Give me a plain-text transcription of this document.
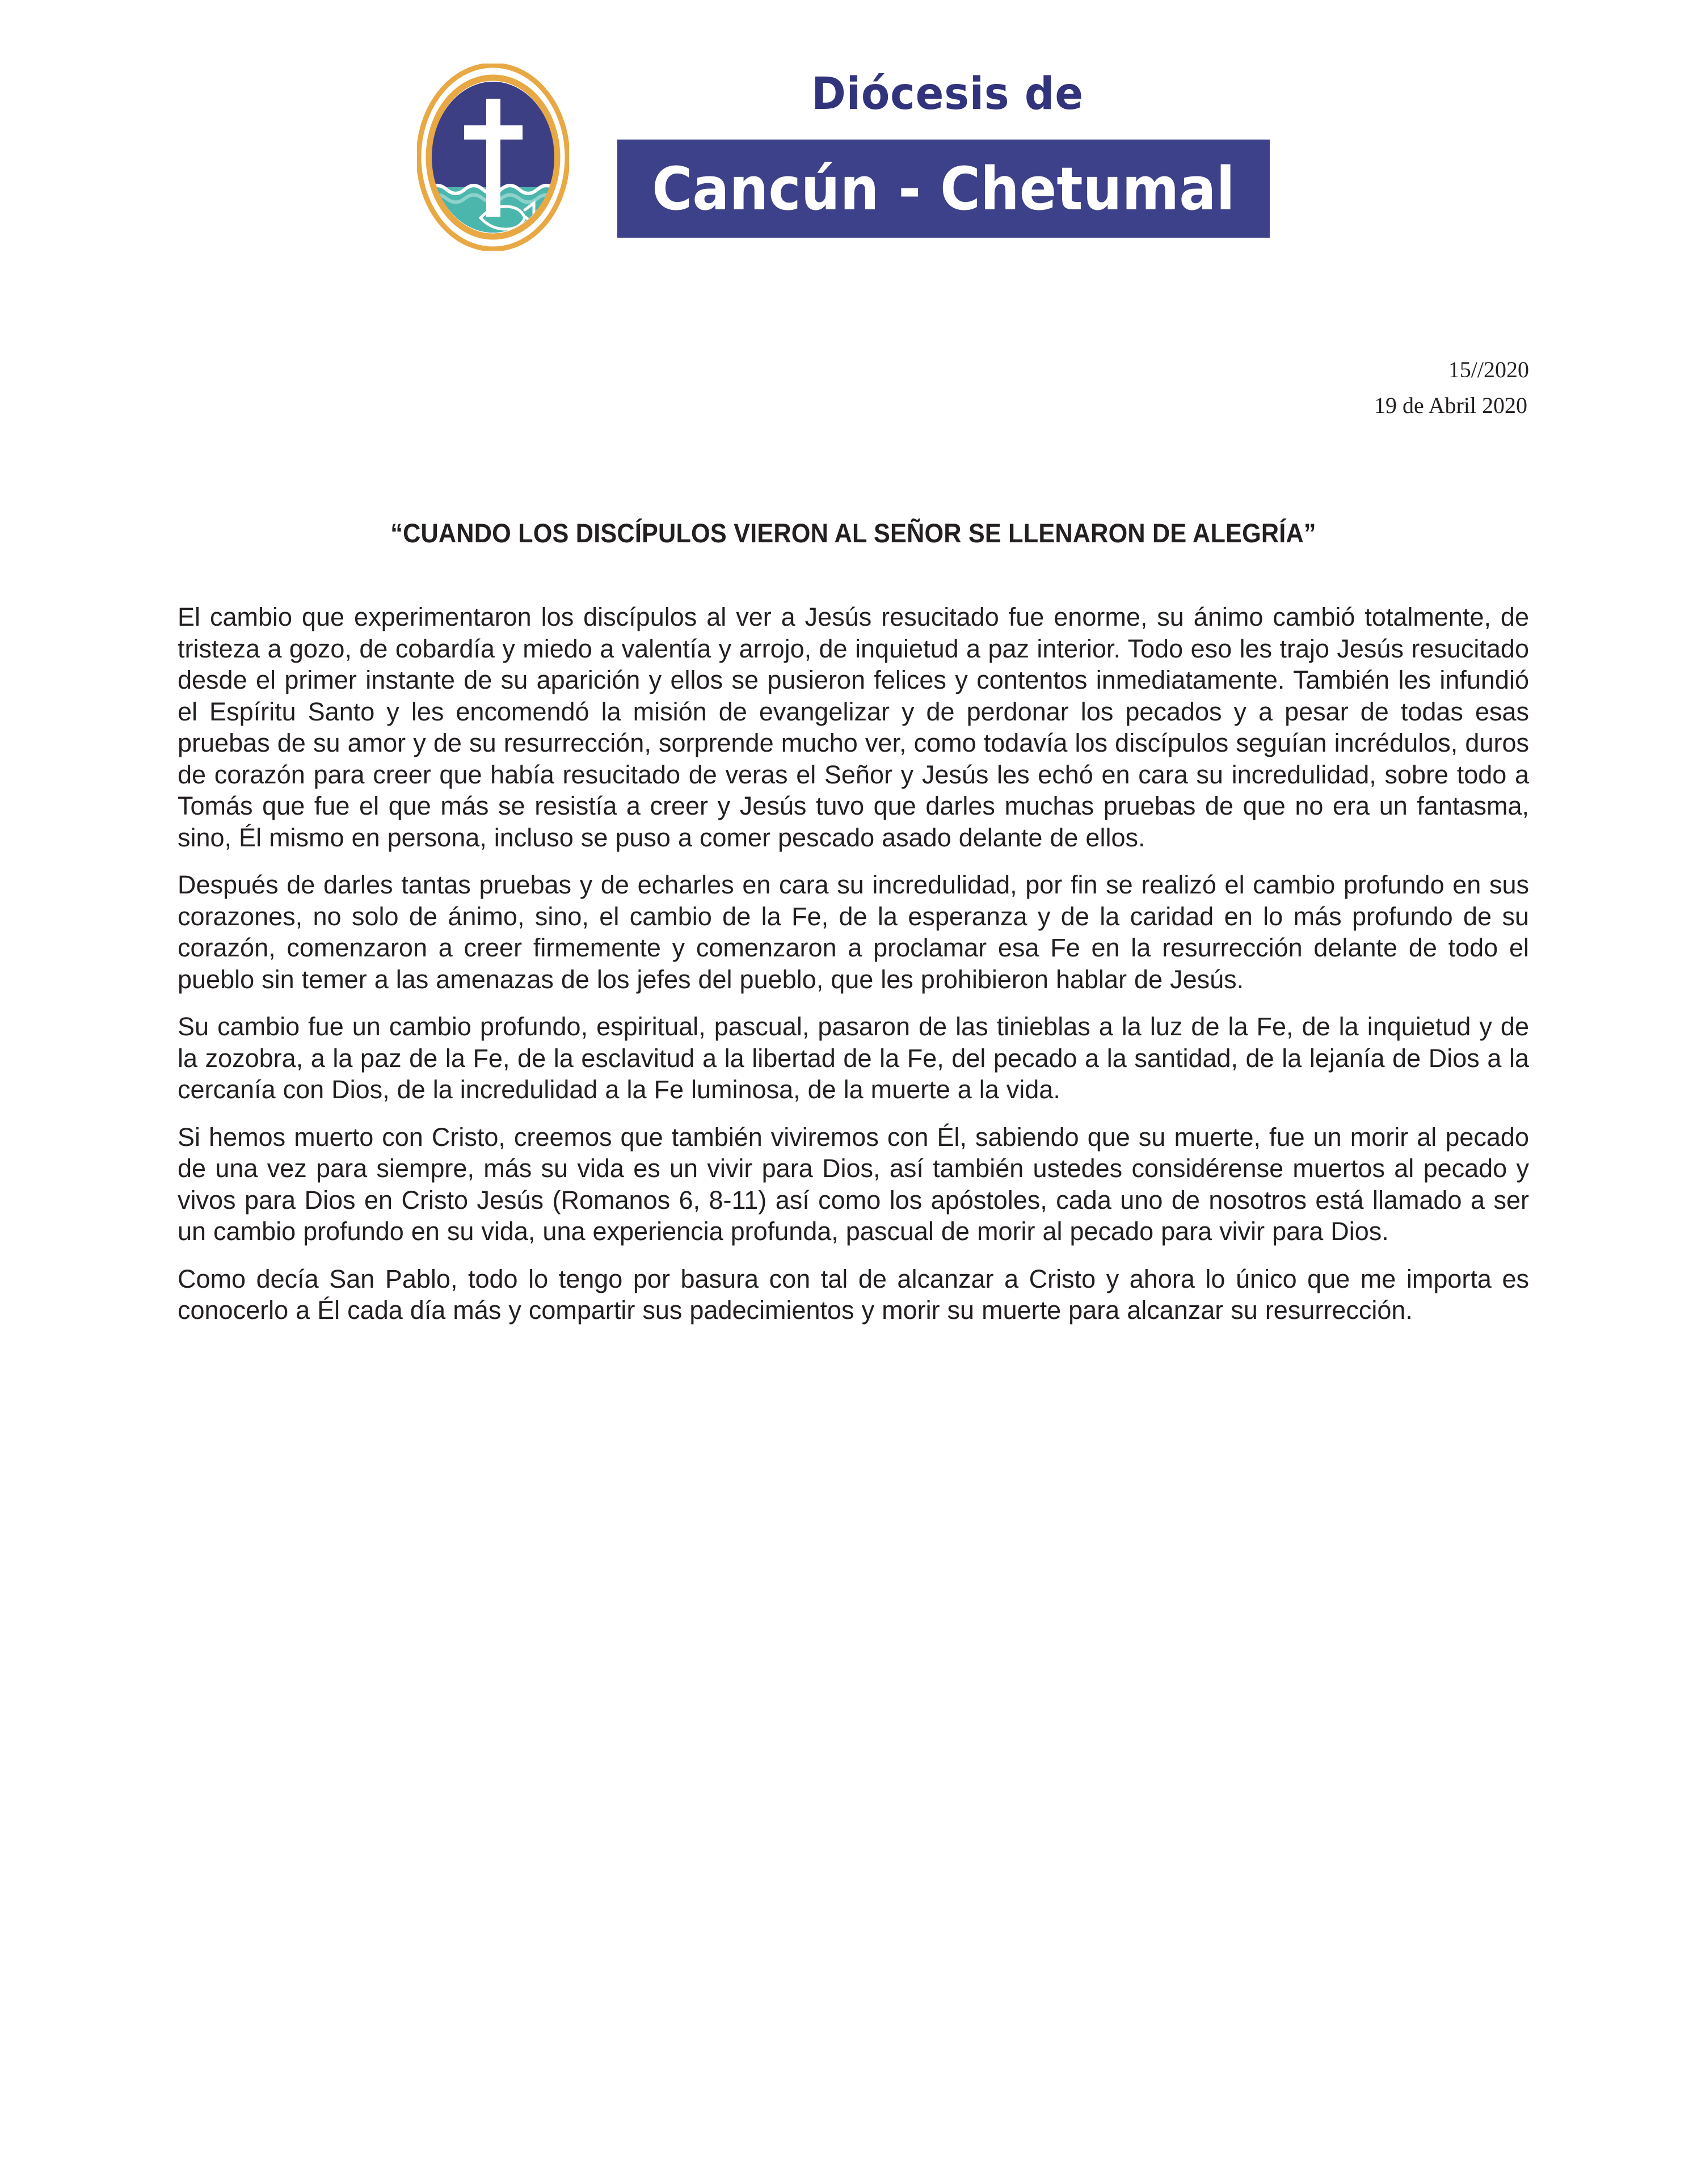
Diócesis de
Cancún - Chetumal
15//2020
19 de Abril 2020
“CUANDO LOS DISCÍPULOS VIERON AL SEÑOR SE LLENARON DE ALEGRÍA”

El cambio que experimentaron los discípulos al ver a Jesús resucitado fue enorme, su ánimo cambió totalmente, de tristeza a gozo, de cobardía y miedo a valentía y arrojo, de inquietud a paz interior. Todo eso les trajo Jesús resucitado desde el primer instante de su aparición y ellos se pusieron felices y contentos inmediatamente. También les infundió el Espíritu Santo y les encomendó la misión de evangelizar y de perdonar los pecados y a pesar de todas esas pruebas de su amor y de su resurrección, sorprende mucho ver, como todavía los discípulos seguían incrédulos, duros de corazón para creer que había resucitado de veras el Señor y Jesús les echó en cara su incredulidad, sobre todo a Tomás que fue el que más se resistía a creer y Jesús tuvo que darles muchas pruebas de que no era un fantasma, sino, Él mismo en persona, incluso se puso a comer pescado asado delante de ellos.

Después de darles tantas pruebas y de echarles en cara su incredulidad, por fin se realizó el cambio profundo en sus corazones, no solo de ánimo, sino, el cambio de la Fe, de la esperanza y de la caridad en lo más profundo de su corazón, comenzaron a creer firmemente y comenzaron a proclamar esa Fe en la resurrección delante de todo el pueblo sin temer a las amenazas de los jefes del pueblo, que les prohibieron hablar de Jesús.

Su cambio fue un cambio profundo, espiritual, pascual, pasaron de las tinieblas a la luz de la Fe, de la inquietud y de la zozobra, a la paz de la Fe, de la esclavitud a la libertad de la Fe, del pecado a la santidad, de la lejanía de Dios a la cercanía con Dios, de la incredulidad a la Fe luminosa, de la muerte a la vida.

Si hemos muerto con Cristo, creemos que también viviremos con Él, sabiendo que su muerte, fue un morir al pecado de una vez para siempre, más su vida es un vivir para Dios, así también ustedes considérense muertos al pecado y vivos para Dios en Cristo Jesús (Romanos 6, 8-11) así como los apóstoles, cada uno de nosotros está llamado a ser un cambio profundo en su vida, una experiencia profunda, pascual de morir al pecado para vivir para Dios.

Como decía San Pablo, todo lo tengo por basura con tal de alcanzar a Cristo y ahora lo único que me importa es conocerlo a Él cada día más y compartir sus padecimientos y morir su muerte para alcanzar su resurrección.
